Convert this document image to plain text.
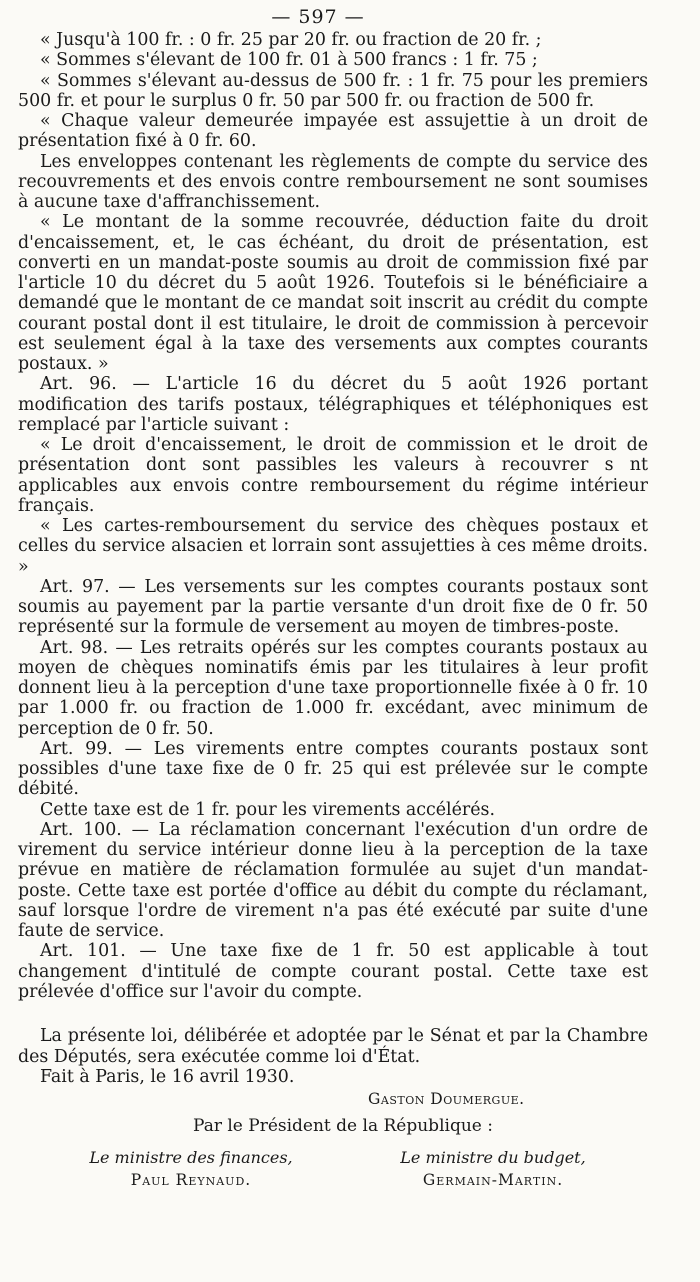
— 597 —

« Jusqu'à 100 fr. : 0 fr. 25 par 20 fr. ou fraction de 20 fr. ;

« Sommes s'élevant de 100 fr. 01 à 500 francs : 1 fr. 75 ;

« Sommes s'élevant au-dessus de 500 fr. : 1 fr. 75 pour les premiers 500 fr. et pour le surplus 0 fr. 50 par 500 fr. ou fraction de 500 fr.

« Chaque valeur demeurée impayée est assujettie à un droit de présentation fixé à 0 fr. 60.

Les enveloppes contenant les règlements de compte du service des recouvrements et des envois contre remboursement ne sont soumises à aucune taxe d'affranchissement.

« Le montant de la somme recouvrée, déduction faite du droit d'encaissement, et, le cas échéant, du droit de présentation, est converti en un mandat-poste soumis au droit de commission fixé par l'article 10 du décret du 5 août 1926. Toutefois si le bénéficiaire a demandé que le montant de ce mandat soit inscrit au crédit du compte courant postal dont il est titulaire, le droit de commission à percevoir est seulement égal à la taxe des versements aux comptes courants postaux. »

Art. 96. — L'article 16 du décret du 5 août 1926 portant modification des tarifs postaux, télégraphiques et téléphoniques est remplacé par l'article suivant :

« Le droit d'encaissement, le droit de commission et le droit de présentation dont sont passibles les valeurs à recouvrer s nt applicables aux envois contre remboursement du régime intérieur français.

« Les cartes-remboursement du service des chèques postaux et celles du service alsacien et lorrain sont assujetties à ces même droits. »

Art. 97. — Les versements sur les comptes courants postaux sont soumis au payement par la partie versante d'un droit fixe de 0 fr. 50 représenté sur la formule de versement au moyen de timbres-poste.

Art. 98. — Les retraits opérés sur les comptes courants postaux au moyen de chèques nominatifs émis par les titulaires à leur profit donnent lieu à la perception d'une taxe proportionnelle fixée à 0 fr. 10 par 1.000 fr. ou fraction de 1.000 fr. excédant, avec minimum de perception de 0 fr. 50.

Art. 99. — Les virements entre comptes courants postaux sont possibles d'une taxe fixe de 0 fr. 25 qui est prélevée sur le compte débité.

Cette taxe est de 1 fr. pour les virements accélérés.

Art. 100. — La réclamation concernant l'exécution d'un ordre de virement du service intérieur donne lieu à la perception de la taxe prévue en matière de réclamation formulée au sujet d'un mandat-poste. Cette taxe est portée d'office au débit du compte du réclamant, sauf lorsque l'ordre de virement n'a pas été exécuté par suite d'une faute de service.

Art. 101. — Une taxe fixe de 1 fr. 50 est applicable à tout changement d'intitulé de compte courant postal. Cette taxe est prélevée d'office sur l'avoir du compte.

La présente loi, délibérée et adoptée par le Sénat et par la Chambre des Députés, sera exécutée comme loi d'État.

Fait à Paris, le 16 avril 1930.

Gaston Doumergue.
Par le Président de la République :
Le ministre des finances,
Paul Reynaud.
Le ministre du budget,
Germain-Martin.
